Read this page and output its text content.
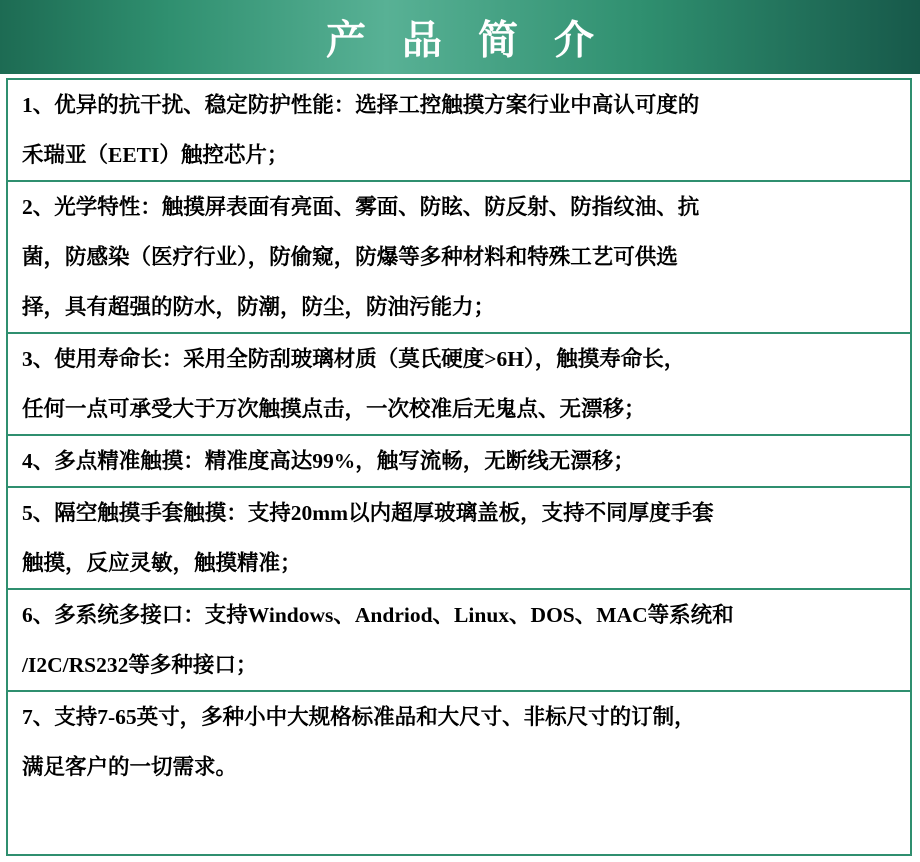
产 品 简 介
1、优异的抗干扰、稳定防护性能：选择工控触摸方案行业中高认可度的
禾瑞亚（EETI）触控芯片；
2、光学特性：触摸屏表面有亮面、雾面、防眩、防反射、防指纹油、抗
菌，防感染（医疗行业），防偷窥，防爆等多种材料和特殊工艺可供选
择，具有超强的防水，防潮，防尘，防油污能力；
3、使用寿命长：采用全防刮玻璃材质（莫氏硬度>6H），触摸寿命长，
任何一点可承受大于万次触摸点击，一次校准后无鬼点、无漂移；
4、多点精准触摸：精准度高达99%，触写流畅，无断线无漂移；
5、隔空触摸手套触摸：支持20mm以内超厚玻璃盖板，支持不同厚度手套
触摸，反应灵敏，触摸精准；
6、多系统多接口：支持Windows、Andriod、Linux、DOS、MAC等系统和
/I2C/RS232等多种接口；
7、支持7-65英寸，多种小中大规格标准品和大尺寸、非标尺寸的订制，
满足客户的一切需求。
